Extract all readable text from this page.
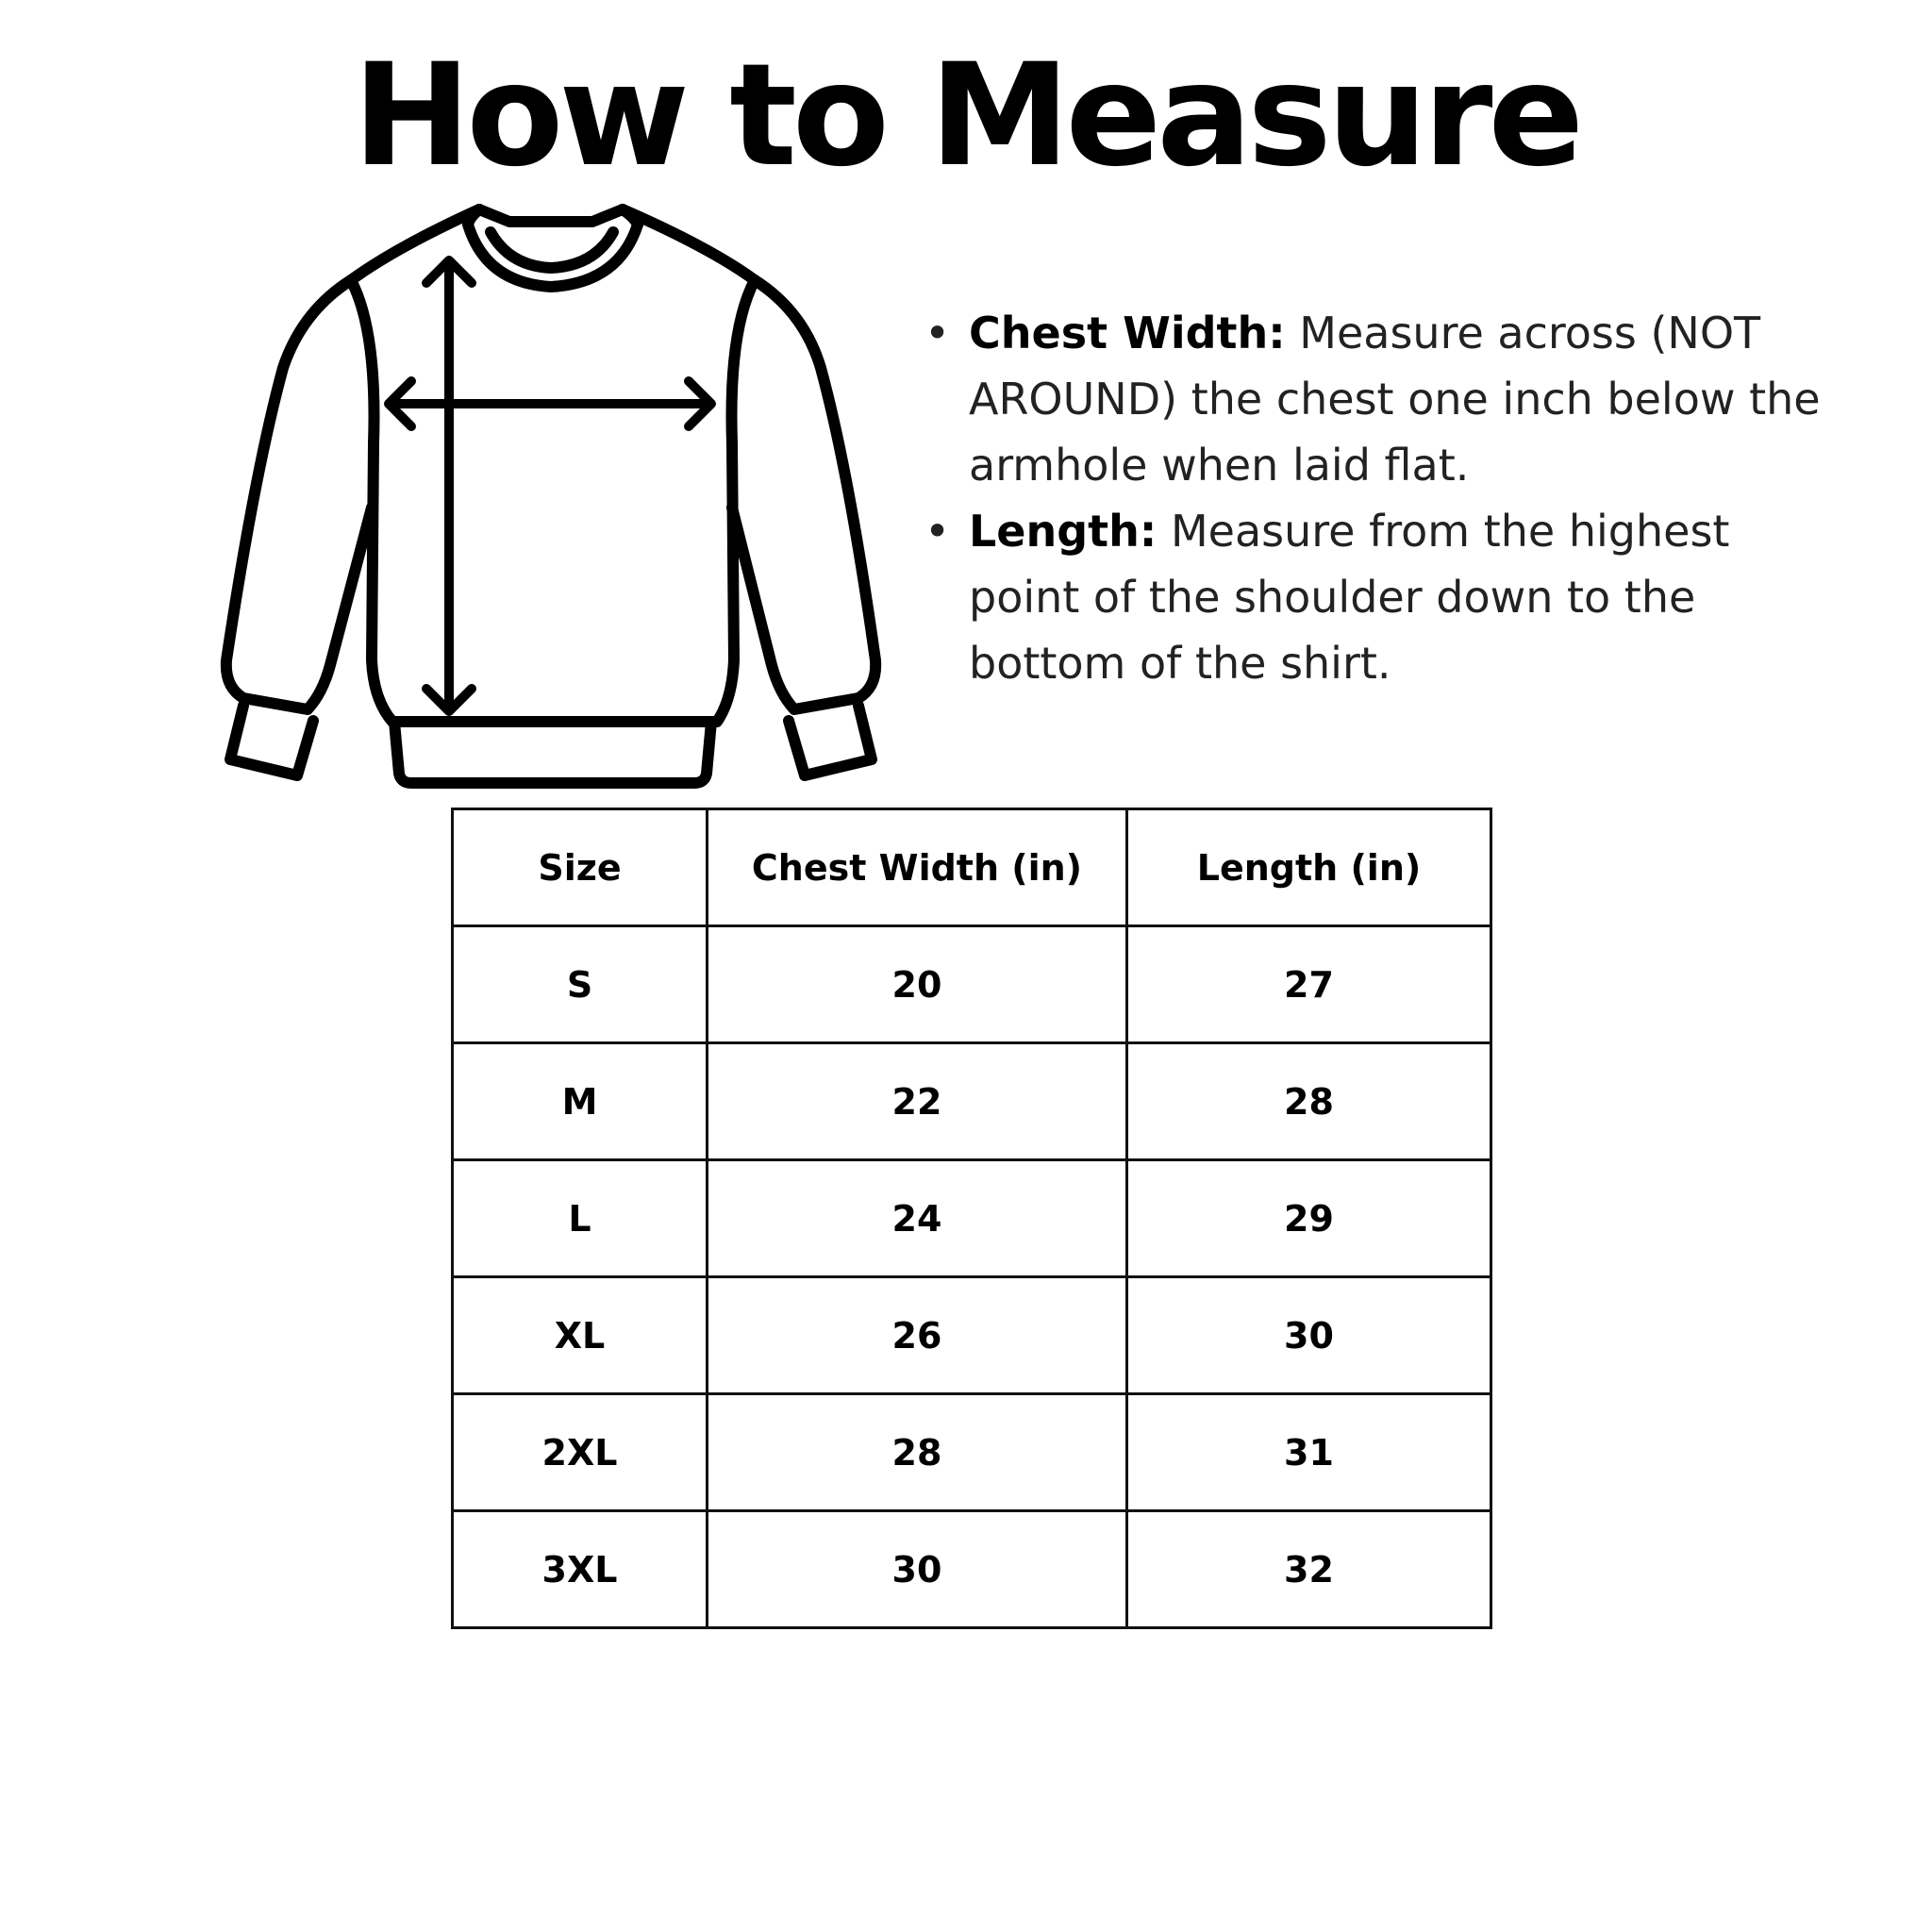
How to Measure
• Chest Width: Measure across (NOT AROUND) the chest one inch below the armhole when laid flat.
• Length: Measure from the highest point of the shoulder down to the bottom of the shirt.
Size	Chest Width (in)	Length (in)
S	20	27
M	22	28
L	24	29
XL	26	30
2XL	28	31
3XL	30	32
